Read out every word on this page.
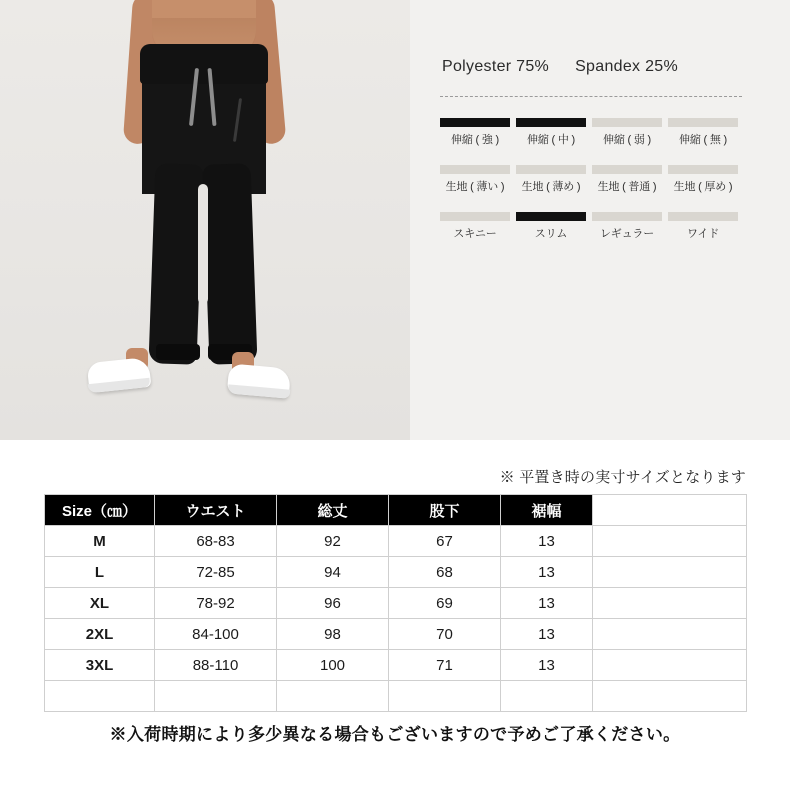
Polyester 75% Spandex 25%
伸縮 ( 強 )	伸縮 ( 中 )	伸縮 ( 弱 )	伸縮 ( 無 )
生地 ( 薄い )	生地 ( 薄め )	生地 ( 普通 )	生地 ( 厚め )
スキニー	スリム	レギュラー	ワイド
※ 平置き時の実寸サイズとなります
Size（㎝）	ウエスト	総丈	股下	裾幅	
M	68-83	92	67	13	
L	72-85	94	68	13	
XL	78-92	96	69	13	
2XL	84-100	98	70	13	
3XL	88-110	100	71	13	

※入荷時期により多少異なる場合もございますので予めご了承ください。
